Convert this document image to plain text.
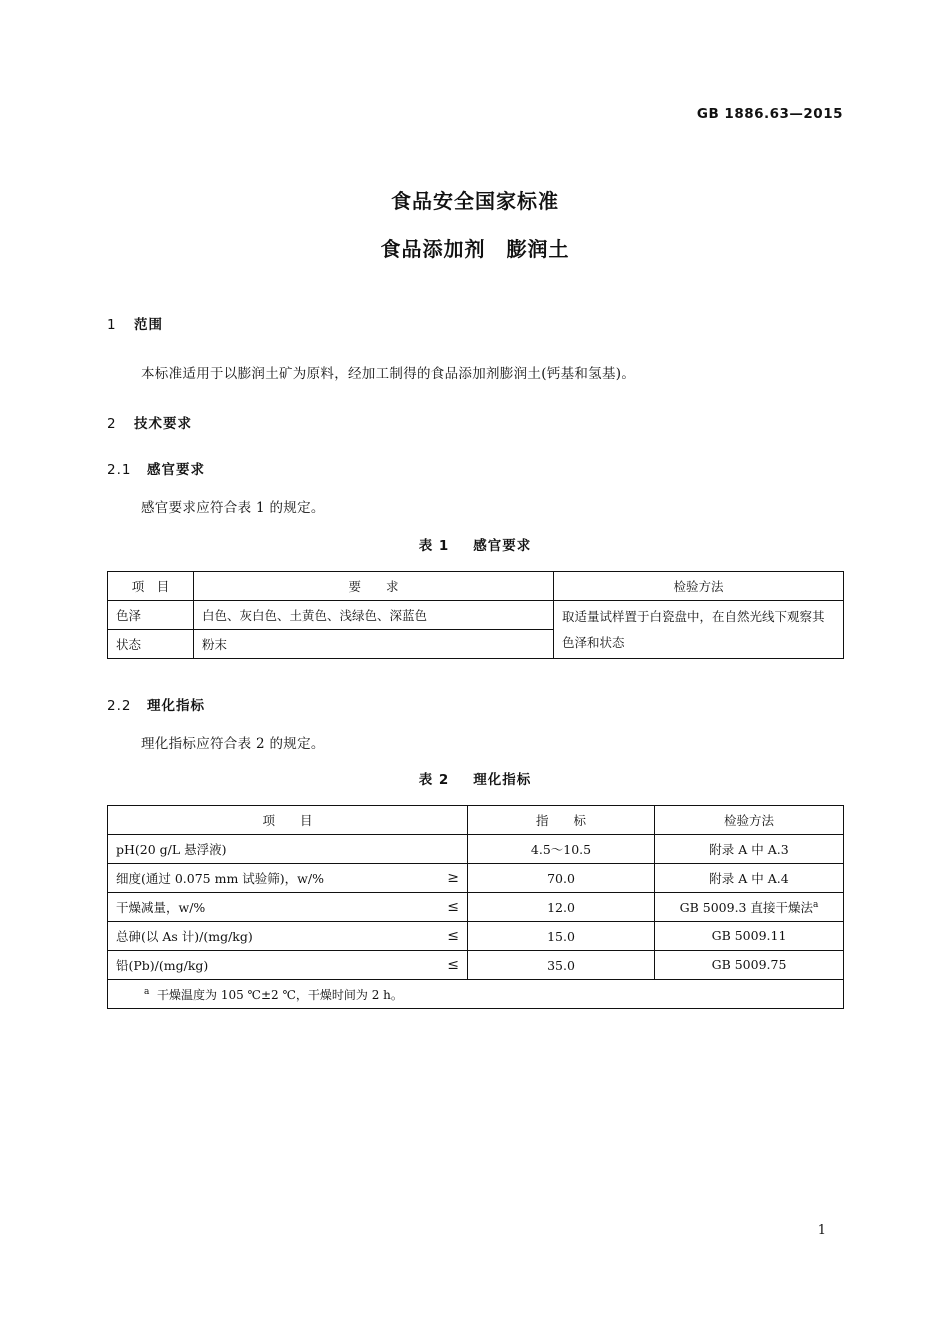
GB 1886.63—2015
食品安全国家标准
食品添加剂　膨润土
1 范围
本标准适用于以膨润土矿为原料，经加工制得的食品添加剂膨润土(钙基和氢基)。
2 技术要求
2.1 感官要求
感官要求应符合表 1 的规定。
表 1 感官要求
项　目	要　　求	检验方法
色泽	白色、灰白色、土黄色、浅绿色、深蓝色	取适量试样置于白瓷盘中，在自然光线下观察其色泽和状态
状态	粉末	
2.2 理化指标
理化指标应符合表 2 的规定。
表 2 理化指标
项　　目	指　　标	检验方法

pH(20 g/L 悬浮液)	4.5～10.5	附录 A 中 A.3

细度(通过 0.075 mm 试验筛)，w/% ≥	70.0	附录 A 中 A.4

干燥减量，w/% ≤	12.0	GB 5009.3 直接干燥法$^a$

总砷(以 As 计)/(mg/kg) ≤	15.0	GB 5009.11

铅(Pb)/(mg/kg) ≤	35.0	GB 5009.75
$^a$ 干燥温度为 105 ℃±2 ℃，干燥时间为 2 h。		
1
